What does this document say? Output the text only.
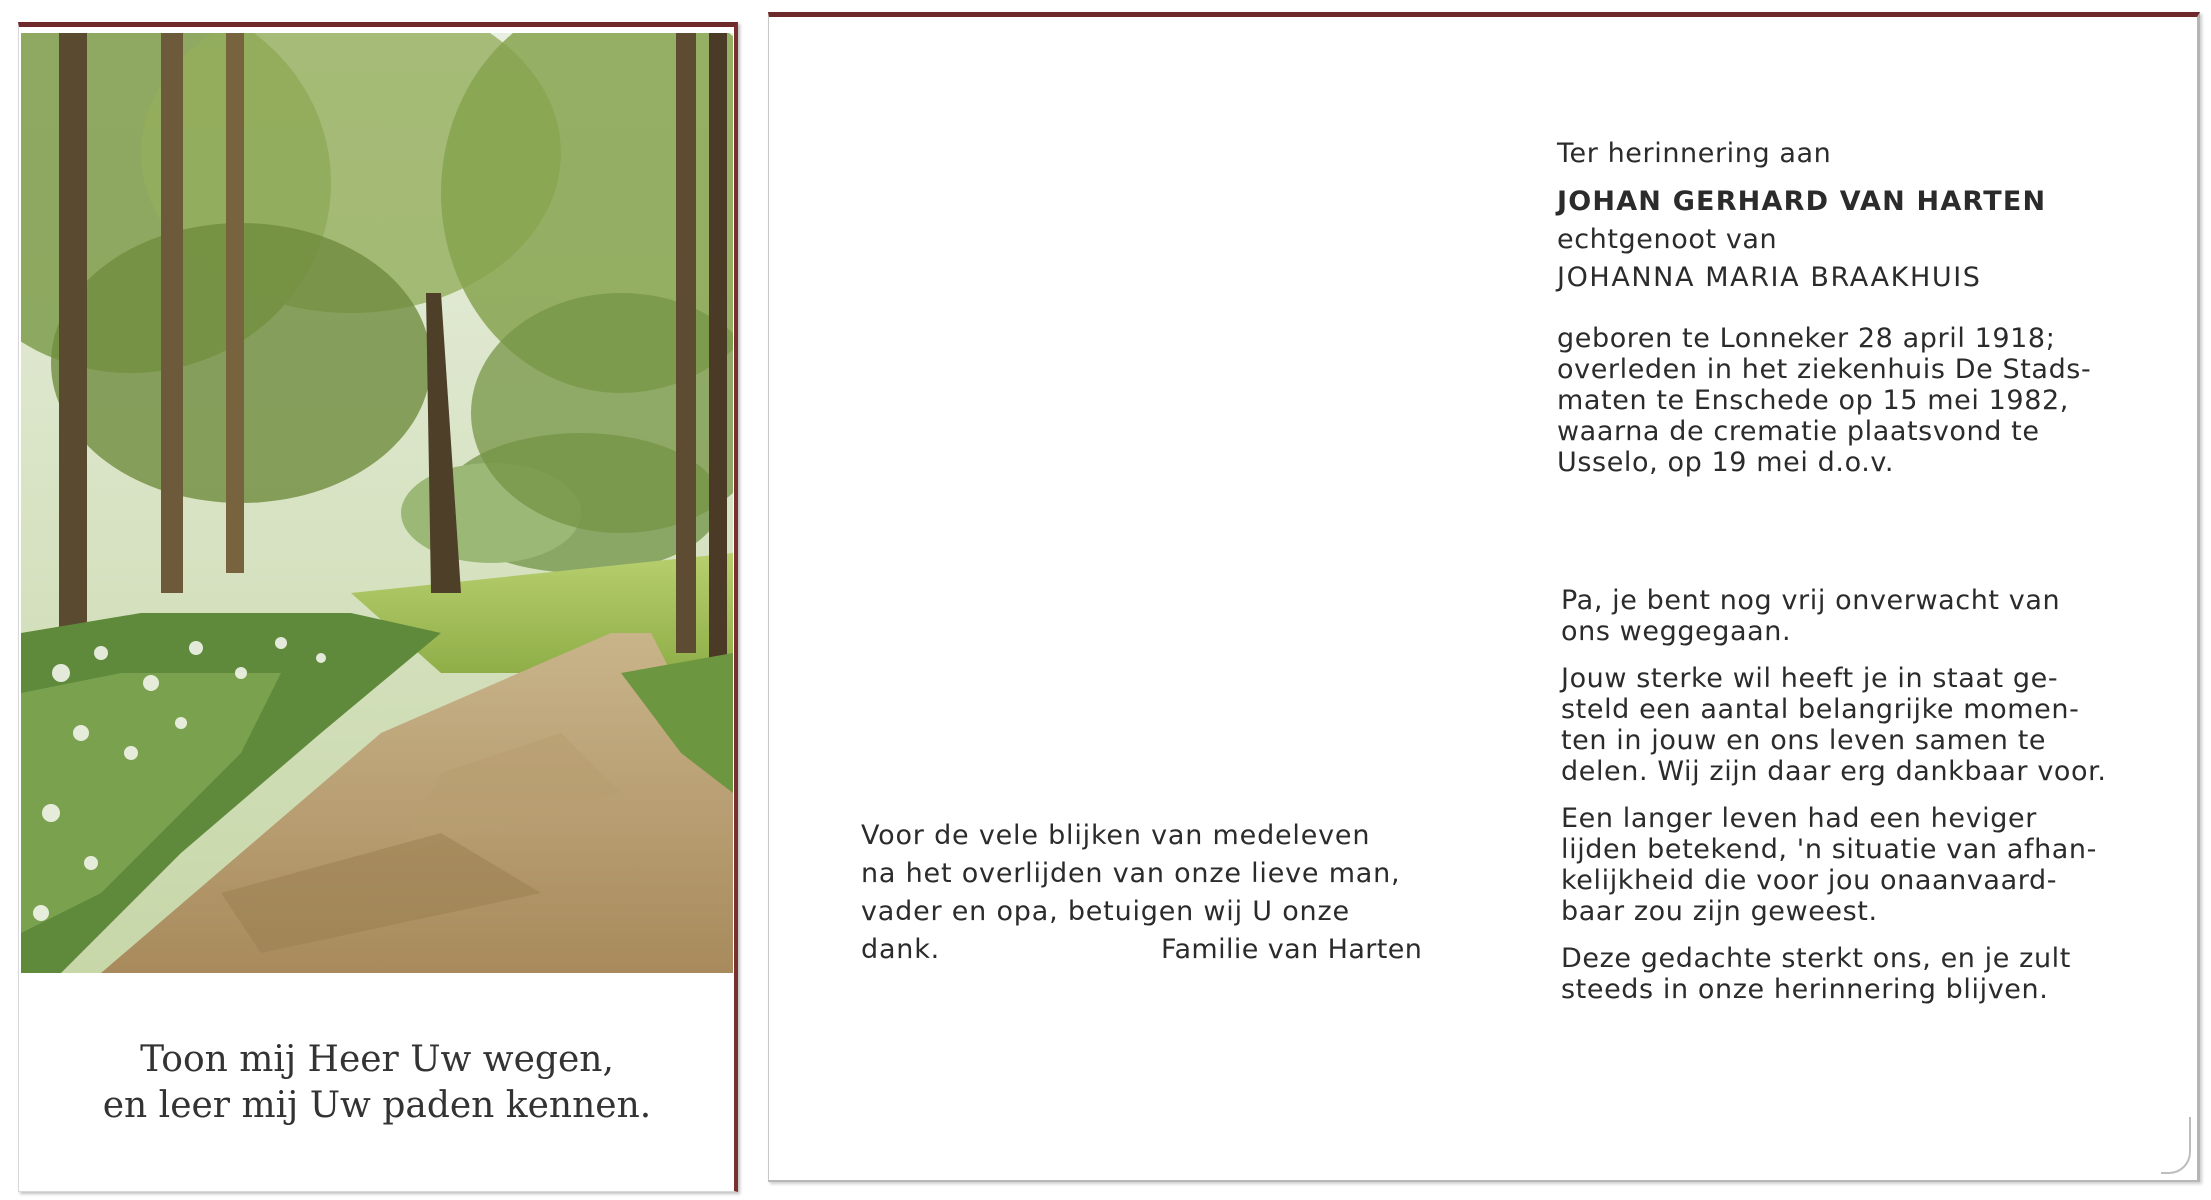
Toon mij Heer Uw wegen,
en leer mij Uw paden kennen.
Voor de vele blijken van medeleven
na het overlijden van onze lieve man,
vader en opa, betuigen wij U onze
dank.	Familie van Harten
Ter herinnering aan
JOHAN GERHARD VAN HARTEN
echtgenoot van
JOHANNA MARIA BRAAKHUIS
geboren te Lonneker 28 april 1918;
overleden in het ziekenhuis De Stads-
maten te Enschede op 15 mei 1982,
waarna de crematie plaatsvond te
Usselo, op 19 mei d.o.v.
Pa, je bent nog vrij onverwacht van
ons weggegaan.
Jouw sterke wil heeft je in staat ge-
steld een aantal belangrijke momen-
ten in jouw en ons leven samen te
delen. Wij zijn daar erg dankbaar voor.
Een langer leven had een heviger
lijden betekend, 'n situatie van afhan-
kelijkheid die voor jou onaanvaard-
baar zou zijn geweest.
Deze gedachte sterkt ons, en je zult
steeds in onze herinnering blijven.
